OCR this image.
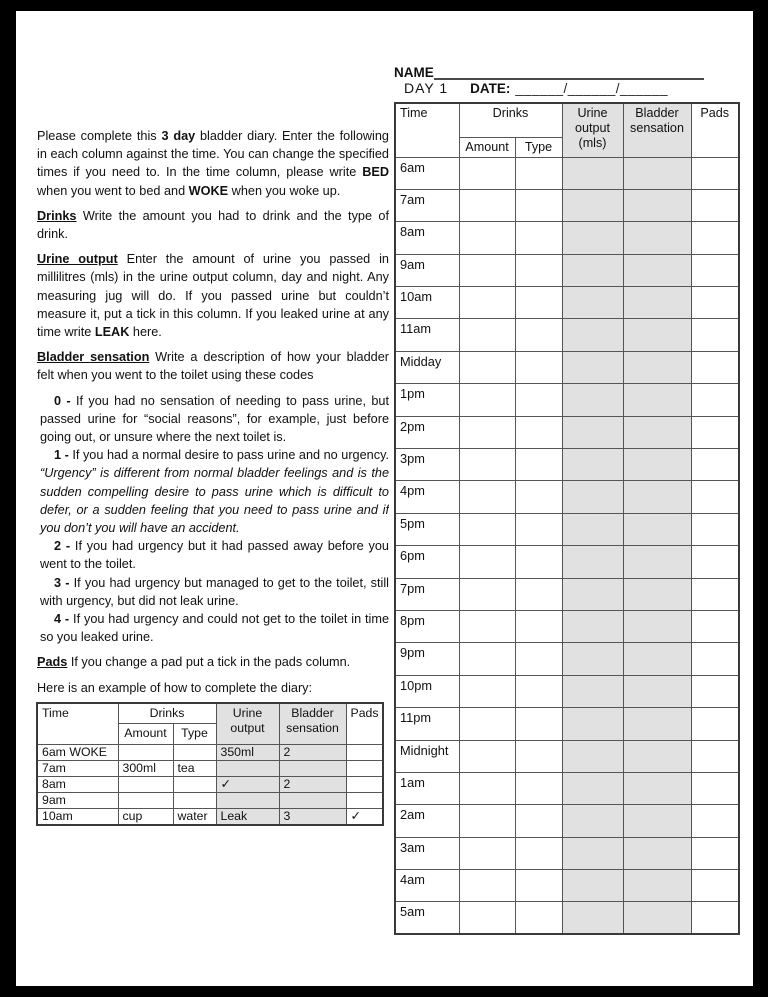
Please complete this 3 day bladder diary. Enter the following in each column against the time. You can change the specified times if you need to. In the time column, please write BED when you went to bed and WOKE when you woke up.

Drinks Write the amount you had to drink and the type of drink.

Urine output Enter the amount of urine you passed in millilitres (mls) in the urine output column, day and night. Any measuring jug will do. If you passed urine but couldn’t measure it, put a tick in this column. If you leaked urine at any time write LEAK here.

Bladder sensation Write a description of how your bladder felt when you went to the toilet using these codes

0 - If you had no sensation of needing to pass urine, but passed urine for “social reasons”, for example, just before going out, or unsure where the next toilet is.

1 - If you had a normal desire to pass urine and no urgency. “Urgency” is different from normal bladder feelings and is the sudden compelling desire to pass urine which is difficult to defer, or a sudden feeling that you need to pass urine and if you don’t you will have an accident.

2 - If you had urgency but it had passed away before you went to the toilet.

3 - If you had urgency but managed to get to the toilet, still with urgency, but did not leak urine.

4 - If you had urgency and could not get to the toilet in time so you leaked urine.

Pads If you change a pad put a tick in the pads column.

Here is an example of how to complete the diary:

Time	Drinks		Urine output	Bladder sensation	Pads
	Amount	Type			
6am WOKE			350ml	2	
7am	300ml	tea			
8am			✓	2	
9am					
10am	cup	water	Leak	3	✓
NAME
DAY 1 DATE: ______/______/______
Time	Drinks		Urine output (mls)	Bladder sensation	Pads
	Amount	Type			
6am					
7am					
8am					
9am					
10am					
11am					
Midday					
1pm					
2pm					
3pm					
4pm					
5pm					
6pm					
7pm					
8pm					
9pm					
10pm					
11pm					
Midnight					
1am					
2am					
3am					
4am					
5am					
